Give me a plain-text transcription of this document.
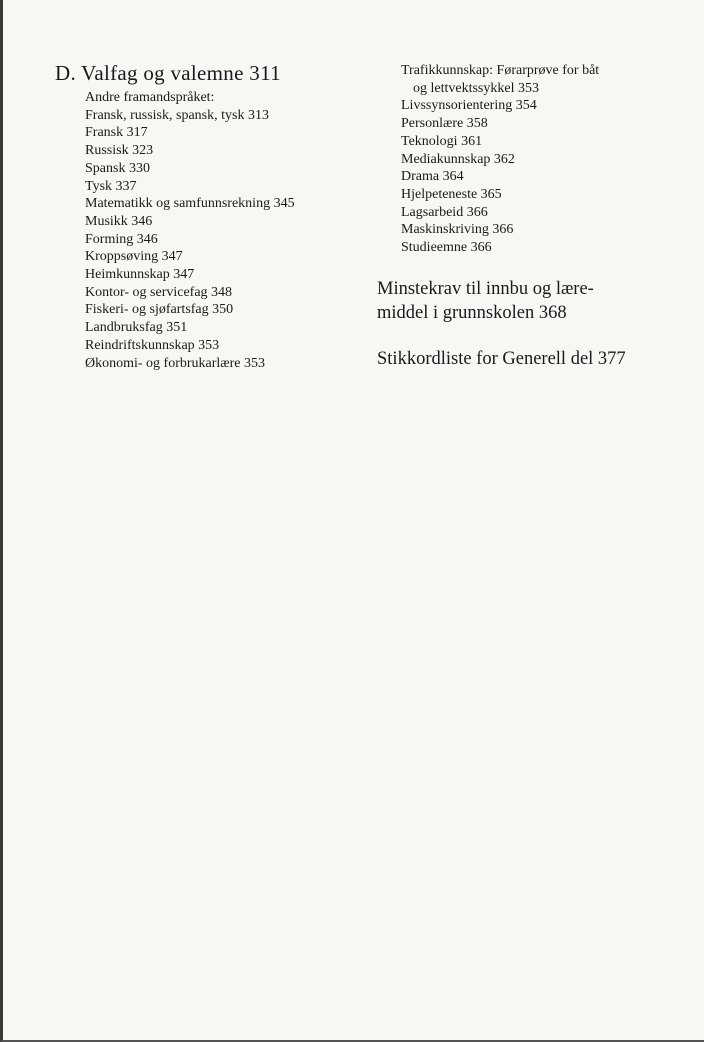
D. Valfag og valemne 311
Andre framandspråket:
Fransk, russisk, spansk, tysk 313
Fransk 317
Russisk 323
Spansk 330
Tysk 337
Matematikk og samfunnsrekning 345
Musikk 346
Forming 346
Kroppsøving 347
Heimkunnskap 347
Kontor- og servicefag 348
Fiskeri- og sjøfartsfag 350
Landbruksfag 351
Reindriftskunnskap 353
Økonomi- og forbrukarlære 353
Trafikkunnskap: Førarprøve for båt
og lettvektssykkel 353
Livssynsorientering 354
Personlære 358
Teknologi 361
Mediakunnskap 362
Drama 364
Hjelpeteneste 365
Lagsarbeid 366
Maskinskriving 366
Studieemne 366

Minstekrav til innbu og lære-

middel i grunnskolen 368

Stikkordliste for Generell del 377
